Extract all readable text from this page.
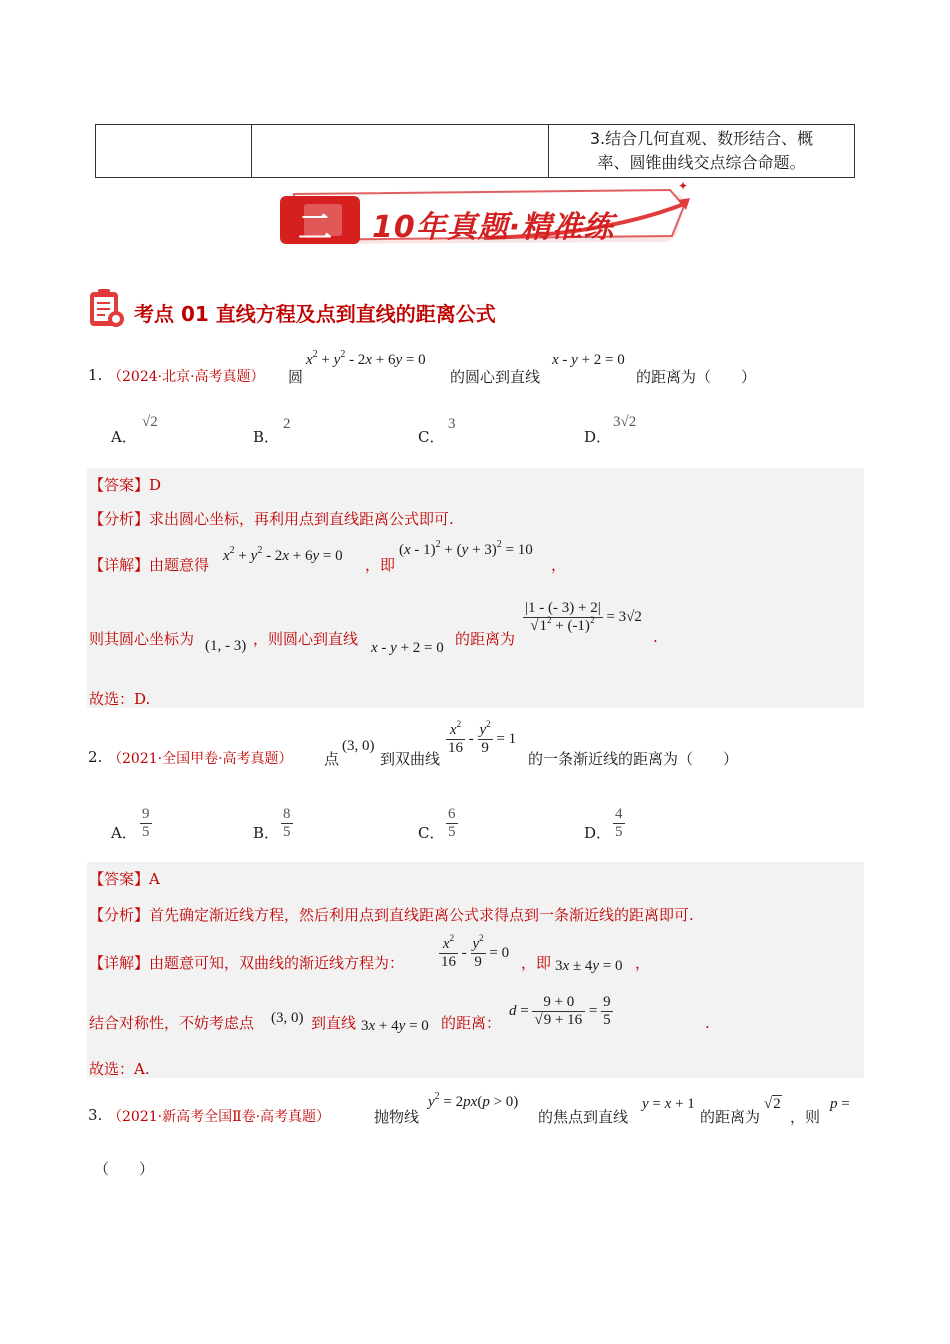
		3.结合几何直观、数形结合、概
率、圆锥曲线交点综合命题。
✦
二 10年真题·精准练
考点 01 直线方程及点到直线的距离公式
1. （2024·北京·高考真题） 圆
$x^2 + y^2 - 2x + 6y = 0$
的圆心到直线
x - y + 2 = 0
的距离为（　　）
A．
√2
B．
2
C．
3
D．
3√2
【答案】D
【分析】求出圆心坐标，再利用点到直线距离公式即可.
【详解】由题意得 $x^2 + y^2 - 2x + 6y = 0$ ，即
$(x - 1)^2 + (y + 3)^2 = 10$
，
则其圆心坐标为 (1, - 3) ，则圆心到直线 x - y + 2 = 0 的距离为
$\frac{|1 - (- 3) + 2|}{√1^2 + (-1)^2} = 3√2$
.
故选：D.
2. （2021·全国甲卷·高考真题） 点
(3, 0)
到双曲线
$\frac{x^2}{16} - \frac{y^2}{9} = 1$
的一条渐近线的距离为（　　）
A． $\frac{9}{5}$	B． $\frac{8}{5}$	C． $\frac{6}{5}$	D． $\frac{4}{5}$
【答案】A
【分析】首先确定渐近线方程，然后利用点到直线距离公式求得点到一条渐近线的距离即可.
【详解】由题意可知，双曲线的渐近线方程为： $\frac{x^2}{16} - \frac{y^2}{9} = 0$
，即 3x ± 4y = 0 ，
结合对称性，不妨考虑点 (3, 0) 到直线 3x + 4y = 0 的距离：
$d = \frac{9 + 0}{√9 + 16} = \frac{9}{5}$	.
故选：A.
3. （2021·新高考全国Ⅱ卷·高考真题）	抛物线
$y^2 = 2px(p > 0)$
的焦点到直线
y = x + 1
的距离为
√2
，则
p =
（　　）
